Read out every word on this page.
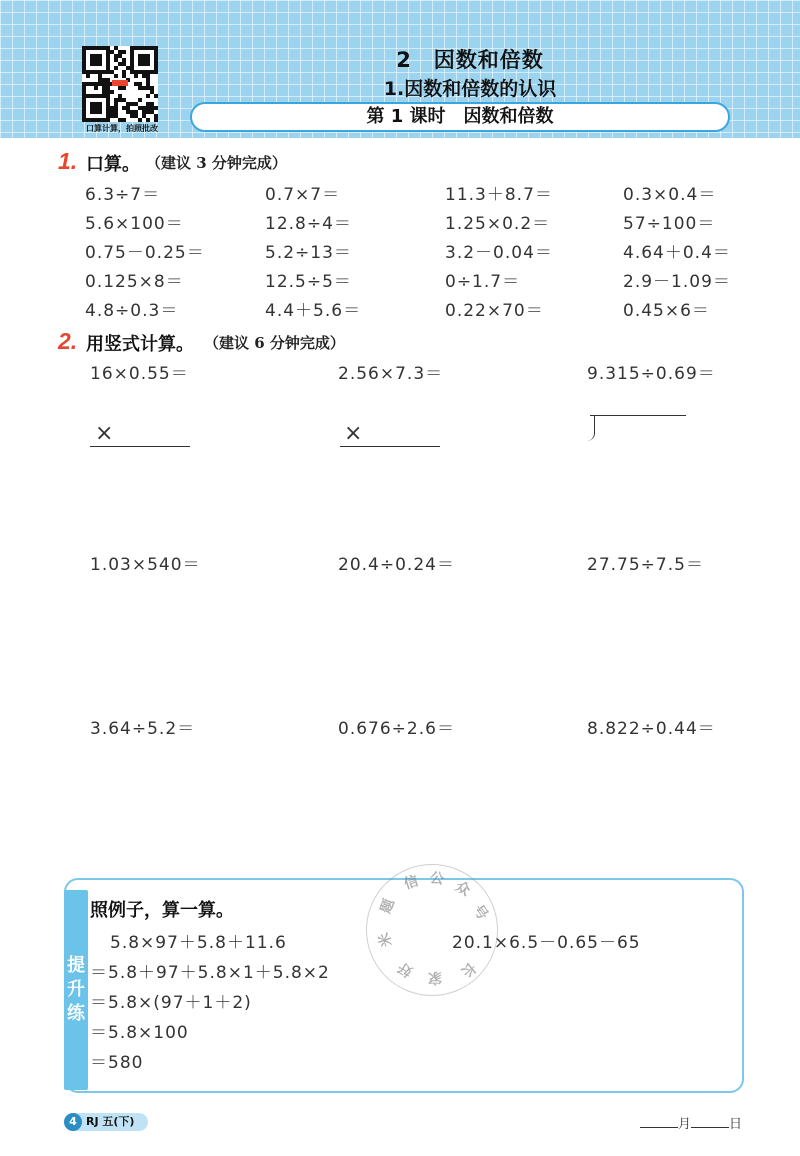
口算计算，拍照批改
2　因数和倍数
1.因数和倍数的认识
第 1 课时　因数和倍数
1. 口算。 （建议 3 分钟完成）
6.3÷7＝	0.7×7＝	11.3＋8.7＝	0.3×0.4＝
5.6×100＝	12.8÷4＝	1.25×0.2＝	57÷100＝
0.75－0.25＝	5.2÷13＝	3.2－0.04＝	4.64＋0.4＝
0.125×8＝	12.5÷5＝	0÷1.7＝	2.9－1.09＝
4.8÷0.3＝	4.4＋5.6＝	0.22×70＝	0.45×6＝
2. 用竖式计算。 （建议 6 分钟完成）
16×0.55＝	2.56×7.3＝	9.315÷0.69＝
1.03×540＝	20.4÷0.24＝	27.75÷7.5＝
3.64÷5.2＝	0.676÷2.6＝	8.822÷0.44＝
×	×
提
升
练
照例子，算一算。
5.8×97＋5.8＋11.6
＝5.8＋97＋5.8×1＋5.8×2
＝5.8×(97＋1＋2)
＝5.8×100
＝580
20.1×6.5－0.65－65
信 公 众
号
长
家
好
米
题
4 RJ 五(下)	月	日
